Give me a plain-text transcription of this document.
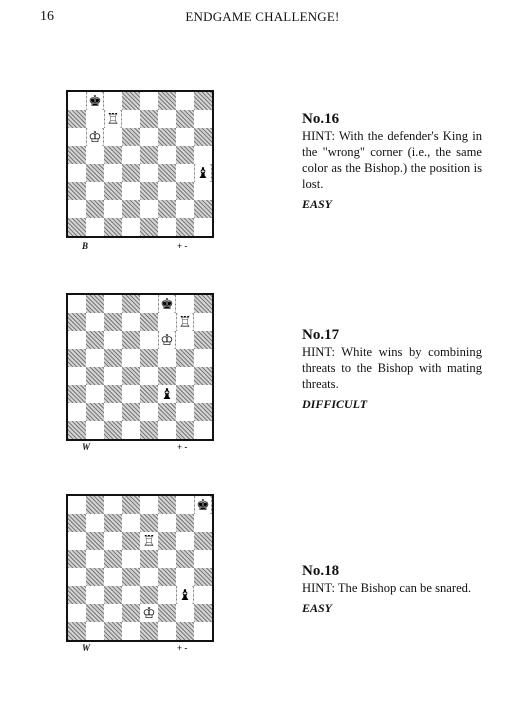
16	ENDGAME CHALLENGE!
♚
♖
♔
♝
B	+ -
No.16
HINT: With the defender's King in the "wrong" corner (i.e., the same color as the Bishop.) the position is lost.
EASY
♚
♖
♔
♝
W	+ -
No.17
HINT: White wins by combining threats to the Bishop with mating threats.
DIFFICULT
♚
♖
♝
♔
W	+ -
No.18
HINT: The Bishop can be snared.
EASY
